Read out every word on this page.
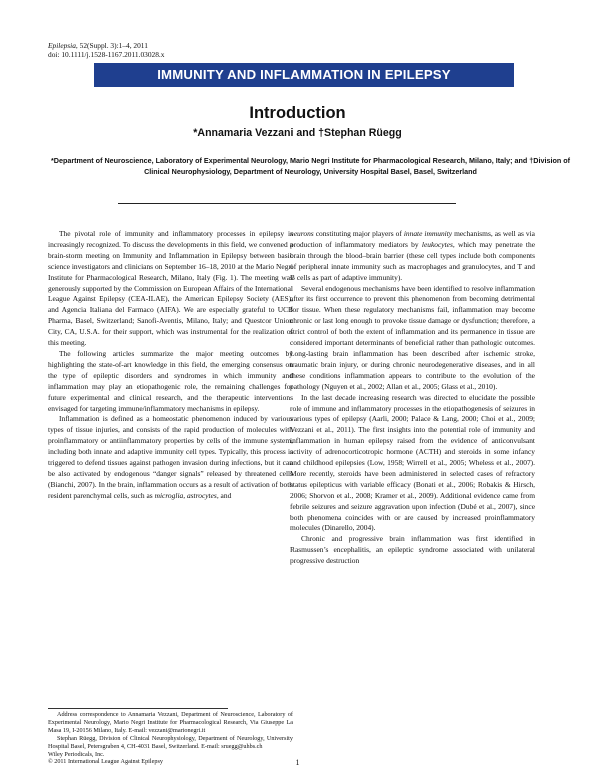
Epilepsia, 52(Suppl. 3):1–4, 2011
doi: 10.1111/j.1528-1167.2011.03028.x
IMMUNITY AND INFLAMMATION IN EPILEPSY
Introduction
*Annamaria Vezzani and †Stephan Rüegg
*Department of Neuroscience, Laboratory of Experimental Neurology, Mario Negri Institute for Pharmacological Research, Milano, Italy; and †Division of Clinical Neurophysiology, Department of Neurology, University Hospital Basel, Basel, Switzerland

The pivotal role of immunity and inflammatory processes in epilepsy is increasingly recognized. To discuss the developments in this field, we convened a brain-storm meeting on Immunity and Inflammation in Epilepsy between basic science investigators and clinicians on September 16–18, 2010 at the Mario Negri Institute for Pharmacological Research, Milano, Italy (Fig. 1). The meeting was generously supported by the Commission on European Affairs of the International League Against Epilepsy (CEA-ILAE), the American Epilepsy Society (AES), and Agencia Italiana del Farmaco (AIFA). We are especially grateful to UCB Pharma, Basel, Switzerland; Sanofi-Aventis, Milano, Italy; and Questcor Union City, CA, U.S.A. for their support, which was instrumental for the realization of this meeting.

The following articles summarize the major meeting outcomes by highlighting the state-of-art knowledge in this field, the emerging consensus on the type of epileptic disorders and syndromes in which immunity and inflammation may play an etiopathogenic role, the remaining challenges for future experimental and clinical research, and the therapeutic interventions envisaged for targeting immune/inflammatory mechanisms in epilepsy.

Inflammation is defined as a homeostatic phenomenon induced by various types of tissue injuries, and consists of the rapid production of molecules with proinflammatory or antiinflammatory properties by cells of the immune system, including both innate and adaptive immunity cell types. Typically, this process is triggered to defend tissues against pathogen invasion during infections, but it can be also activated by endogenous “danger signals” released by threatened cells (Bianchi, 2007). In the brain, inflammation occurs as a result of activation of both resident parenchymal cells, such as microglia, astrocytes, and

neurons constituting major players of innate immunity mechanisms, as well as via production of inflammatory mediators by leukocytes, which may penetrate the brain through the blood–brain barrier (these cell types include both components of peripheral innate immunity such as macrophages and granulocytes, and T and B cells as part of adaptive immunity).

Several endogenous mechanisms have been identified to resolve inflammation after its first occurrence to prevent this phenomenon from becoming detrimental for tissue. When these regulatory mechanisms fail, inflammation may become chronic or last long enough to provoke tissue damage or dysfunction; therefore, a strict control of both the extent of inflammation and its permanence in tissue are considered important determinants of beneficial rather than pathologic outcomes. Long-lasting brain inflammation has been described after ischemic stroke, traumatic brain injury, or during chronic neurodegenerative diseases, and in all these conditions inflammation appears to contribute to the evolution of the pathology (Nguyen et al., 2002; Allan et al., 2005; Glass et al., 2010).

In the last decade increasing research was directed to elucidate the possible role of immune and inflammatory processes in the etiopathogenesis of seizures in various types of epilepsy (Aarli, 2000; Palace & Lang, 2000; Choi et al., 2009; Vezzani et al., 2011). The first insights into the potential role of immunity and inflammation in human epilepsy raised from the evidence of anticonvulsant activity of adrenocorticotropic hormone (ACTH) and steroids in some infancy and childhood epilepsies (Low, 1958; Wirrell et al., 2005; Wheless et al., 2007). More recently, steroids have been administered in selected cases of refractory status epilepticus with variable efficacy (Bonati et al., 2006; Robakis & Hirsch, 2006; Shorvon et al., 2008; Kramer et al., 2009). Additional evidence came from febrile seizures and seizure aggravation upon infection (Dubé et al., 2007), since both phenomena coincides with or are caused by increased proinflammatory molecules (Dinarello, 2004).

Chronic and progressive brain inflammation was first identified in Rasmussen’s encephalitis, an epileptic syndrome associated with unilateral progressive destruction

Address correspondence to Annamaria Vezzani, Department of Neuroscience, Laboratory of Experimental Neurology, Mario Negri Institute for Pharmacological Research, Via Giuseppe La Masa 19, I-20156 Milano, Italy. E-mail: vezzani@marionegri.it

Stephan Rüegg, Division of Clinical Neurophysiology, Department of Neurology, University Hospital Basel, Petersgraben 4, CH-4031 Basel, Switzerland. E-mail: sruegg@uhbs.ch

Wiley Periodicals, Inc.

© 2011 International League Against Epilepsy	1
